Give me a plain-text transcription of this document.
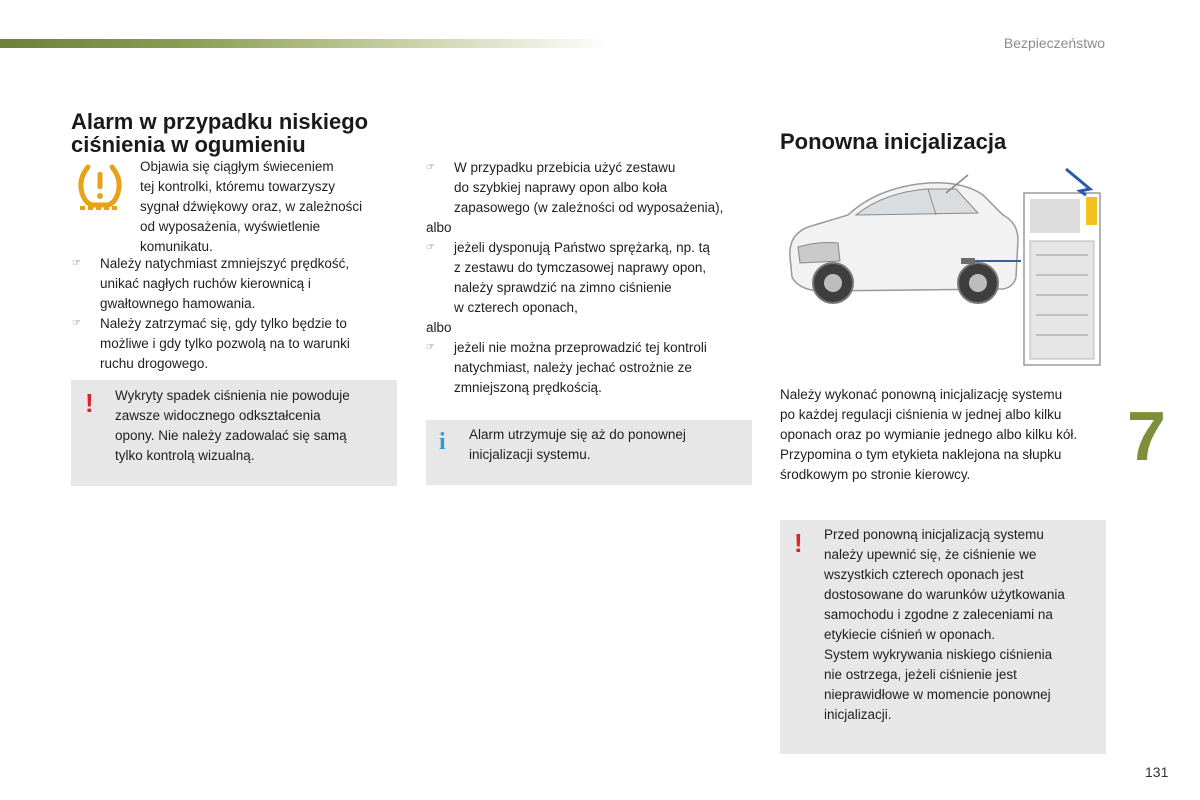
Bezpieczeństwo
Alarm w przypadku niskiego
ciśnienia w ogumieniu
Objawia się ciągłym świeceniem
tej kontrolki, któremu towarzyszy
sygnał dźwiękowy oraz, w zależności
od wyposażenia, wyświetlenie
komunikatu.
☞ Należy natychmiast zmniejszyć prędkość,
unikać nagłych ruchów kierownicą i
gwałtownego hamowania.
☞ Należy zatrzymać się, gdy tylko będzie to
możliwe i gdy tylko pozwolą na to warunki
ruchu drogowego.
! Wykryty spadek ciśnienia nie powoduje
zawsze widocznego odkształcenia
opony. Nie należy zadowalać się samą
tylko kontrolą wizualną.
☞ W przypadku przebicia użyć zestawu
do szybkiej naprawy opon albo koła
zapasowego (w zależności od wyposażenia),
albo
☞ jeżeli dysponują Państwo sprężarką, np. tą
z zestawu do tymczasowej naprawy opon,
należy sprawdzić na zimno ciśnienie
w czterech oponach,
albo
☞ jeżeli nie można przeprowadzić tej kontroli
natychmiast, należy jechać ostrożnie ze
zmniejszoną prędkością.
i Alarm utrzymuje się aż do ponownej
inicjalizacji systemu.
Ponowna inicjalizacja
Należy wykonać ponowną inicjalizację systemu
po każdej regulacji ciśnienia w jednej albo kilku
oponach oraz po wymianie jednego albo kilku kół.
Przypomina o tym etykieta naklejona na słupku
środkowym po stronie kierowcy.
! Przed ponowną inicjalizacją systemu
należy upewnić się, że ciśnienie we
wszystkich czterech oponach jest
dostosowane do warunków użytkowania
samochodu i zgodne z zaleceniami na
etykiecie ciśnień w oponach.
System wykrywania niskiego ciśnienia
nie ostrzega, jeżeli ciśnienie jest
nieprawidłowe w momencie ponownej
inicjalizacji.
7
131
